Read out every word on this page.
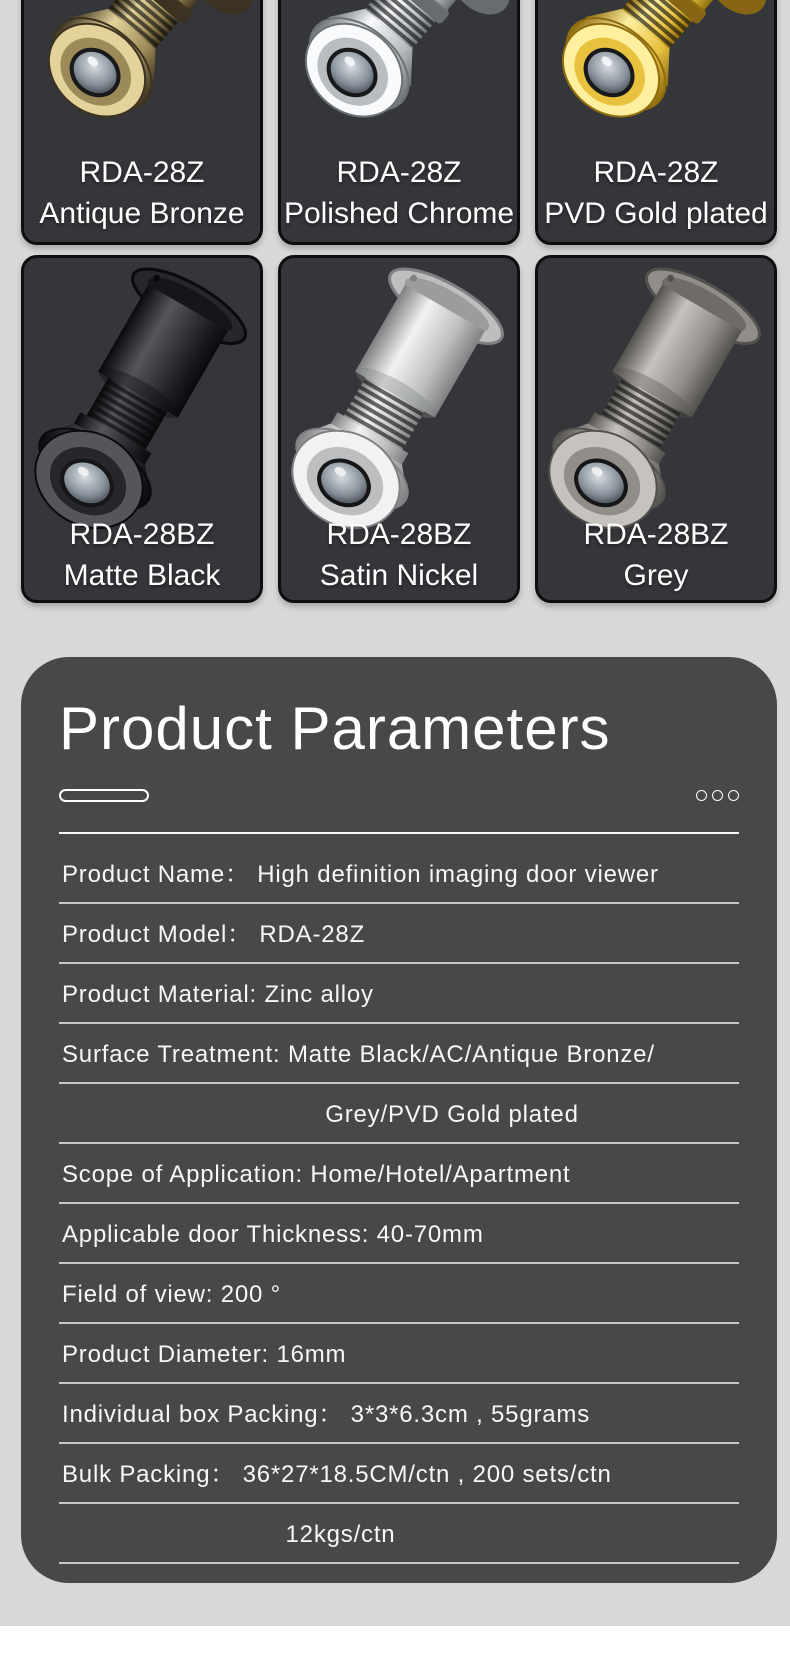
RDA-28Z
Antique Bronze
RDA-28Z
Polished Chrome
RDA-28Z
PVD Gold plated
RDA-28BZ
Matte Black
RDA-28BZ
Satin Nickel
RDA-28BZ
Grey
Product Parameters
Product Name： High definition imaging door viewer
Product Model： RDA-28Z
Product Material: Zinc alloy
Surface Treatment: Matte Black/AC/Antique Bronze/
Grey/PVD Gold plated
Scope of Application: Home/Hotel/Apartment
Applicable door Thickness: 40-70mm
Field of view: 200 °
Product Diameter: 16mm
Individual box Packing： 3*3*6.3cm , 55grams
Bulk Packing： 36*27*18.5CM/ctn , 200 sets/ctn
12kgs/ctn
